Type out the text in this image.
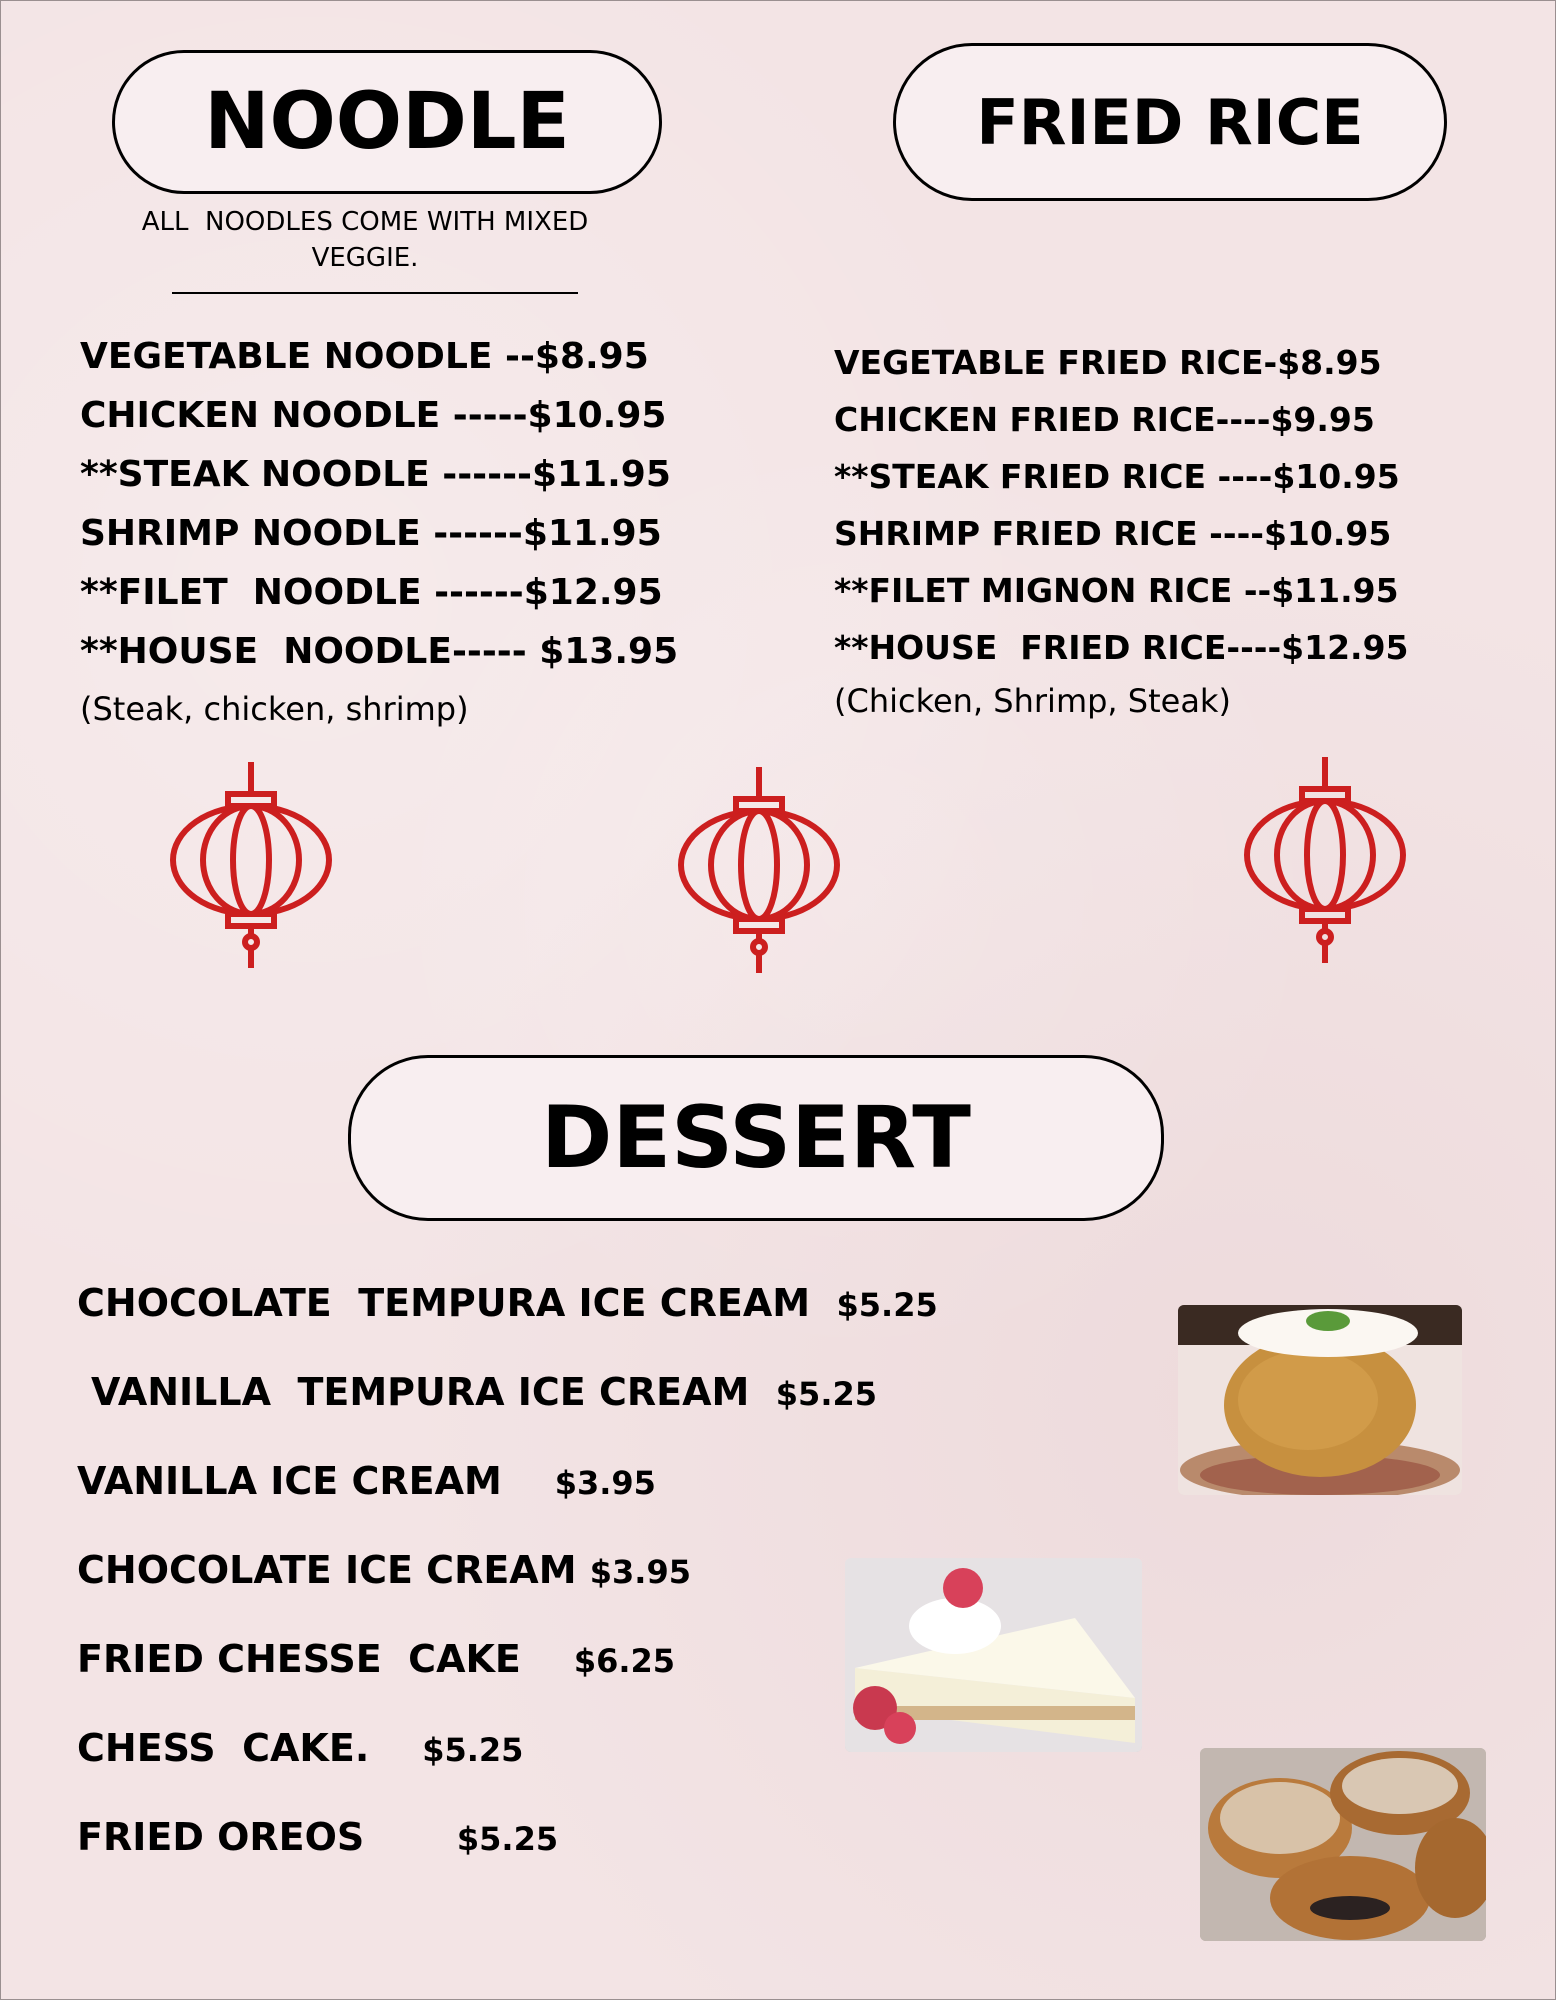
NOODLE
ALL  NOODLES COME WITH MIXED
VEGGIE.
VEGETABLE NOODLE --$8.95
CHICKEN NOODLE -----$10.95
**STEAK NOODLE ------$11.95
SHRIMP NOODLE ------$11.95
**FILET  NOODLE ------$12.95
**HOUSE  NOODLE----- $13.95
(Steak, chicken, shrimp)
FRIED RICE
VEGETABLE FRIED RICE-$8.95
CHICKEN FRIED RICE----$9.95
**STEAK FRIED RICE ----$10.95
SHRIMP FRIED RICE ----$10.95
**FILET MIGNON RICE --$11.95
**HOUSE  FRIED RICE----$12.95
(Chicken, Shrimp, Steak)
DESSERT
CHOCOLATE  TEMPURA ICE CREAM  $5.25
VANILLA  TEMPURA ICE CREAM  $5.25
VANILLA ICE CREAM    $3.95
CHOCOLATE ICE CREAM $3.95
FRIED CHESSE  CAKE    $6.25
CHESS  CAKE.    $5.25
FRIED OREOS       $5.25
